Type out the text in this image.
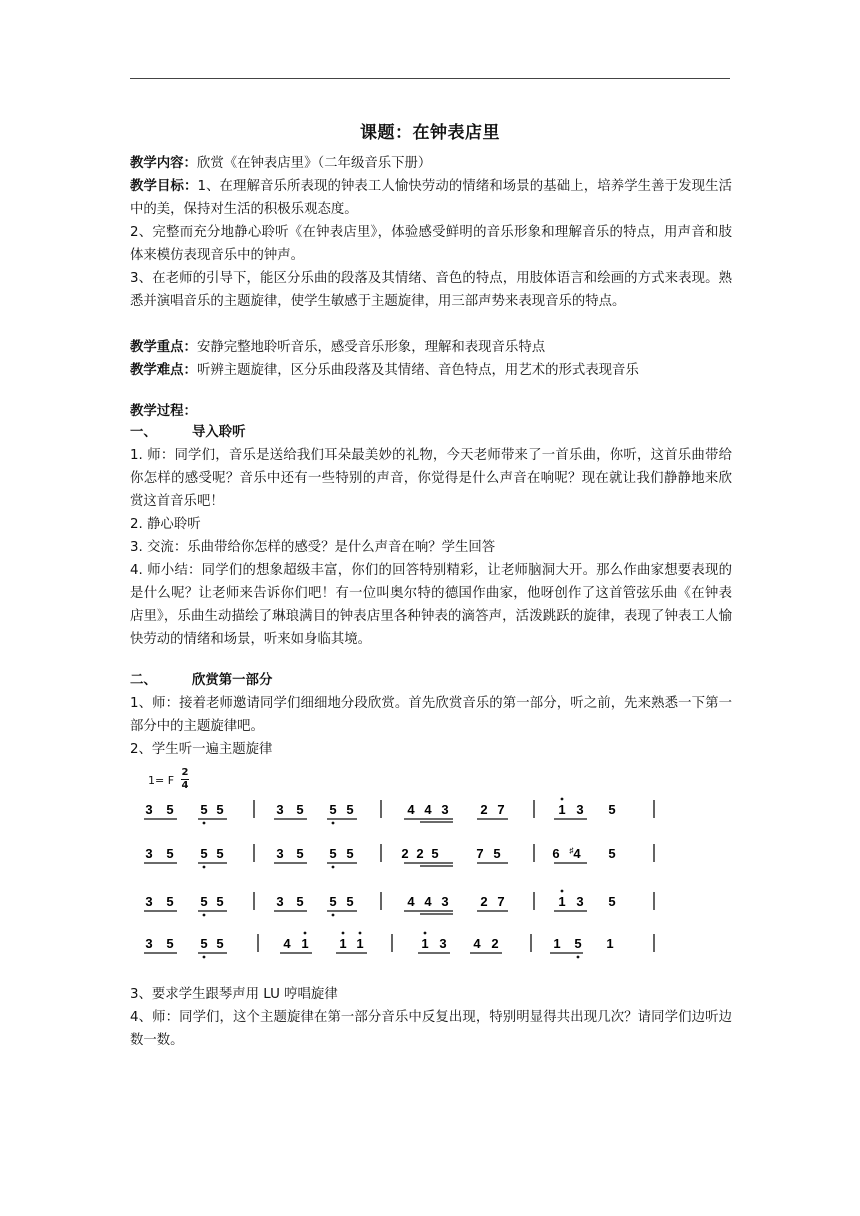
课题：在钟表店里

教学内容：欣赏《在钟表店里》（二年级音乐下册）

教学目标：1、在理解音乐所表现的钟表工人愉快劳动的情绪和场景的基础上，培养学生善于发现生活中的美，保持对生活的积极乐观态度。

2、完整而充分地静心聆听《在钟表店里》，体验感受鲜明的音乐形象和理解音乐的特点，用声音和肢体来模仿表现音乐中的钟声。

3、在老师的引导下，能区分乐曲的段落及其情绪、音色的特点，用肢体语言和绘画的方式来表现。熟悉并演唱音乐的主题旋律，使学生敏感于主题旋律，用三部声势来表现音乐的特点。

教学重点：安静完整地聆听音乐，感受音乐形象，理解和表现音乐特点

教学难点：听辨主题旋律，区分乐曲段落及其情绪、音色特点，用艺术的形式表现音乐

教学过程：
一、	导入聆听

1. 师：同学们，音乐是送给我们耳朵最美妙的礼物，今天老师带来了一首乐曲，你听，这首乐曲带给你怎样的感受呢？音乐中还有一些特别的声音，你觉得是什么声音在响呢？现在就让我们静静地来欣赏这首音乐吧！

2. 静心聆听

3. 交流：乐曲带给你怎样的感受？是什么声音在响？学生回答

4. 师小结：同学们的想象超级丰富，你们的回答特别精彩，让老师脑洞大开。那么作曲家想要表现的是什么呢？让老师来告诉你们吧！有一位叫奥尔特的德国作曲家，他呀创作了这首管弦乐曲《在钟表店里》，乐曲生动描绘了琳琅满目的钟表店里各种钟表的滴答声，活泼跳跃的旋律，表现了钟表工人愉快劳动的情绪和场景，听来如身临其境。

二、	欣赏第一部分

1、师：接着老师邀请同学们细细地分段欣赏。首先欣赏音乐的第一部分，听之前，先来熟悉一下第一部分中的主题旋律吧。

2、学生听一遍主题旋律

1= F
2
4
3 5 5 5	3 5 5 5	4 4 3 2 7	1 3 5
3 5 5 5	3 5 5 5	2 2 5	7 5	6 ♯4 5
3 5 5 5	3 5 5 5	4 4 3 2 7	1 3 5
3 5 5 5	4 1 1 1	1 3 4 2	1 5 1

3、要求学生跟琴声用 LU 哼唱旋律

4、师：同学们，这个主题旋律在第一部分音乐中反复出现，特别明显得共出现几次？请同学们边听边数一数。
